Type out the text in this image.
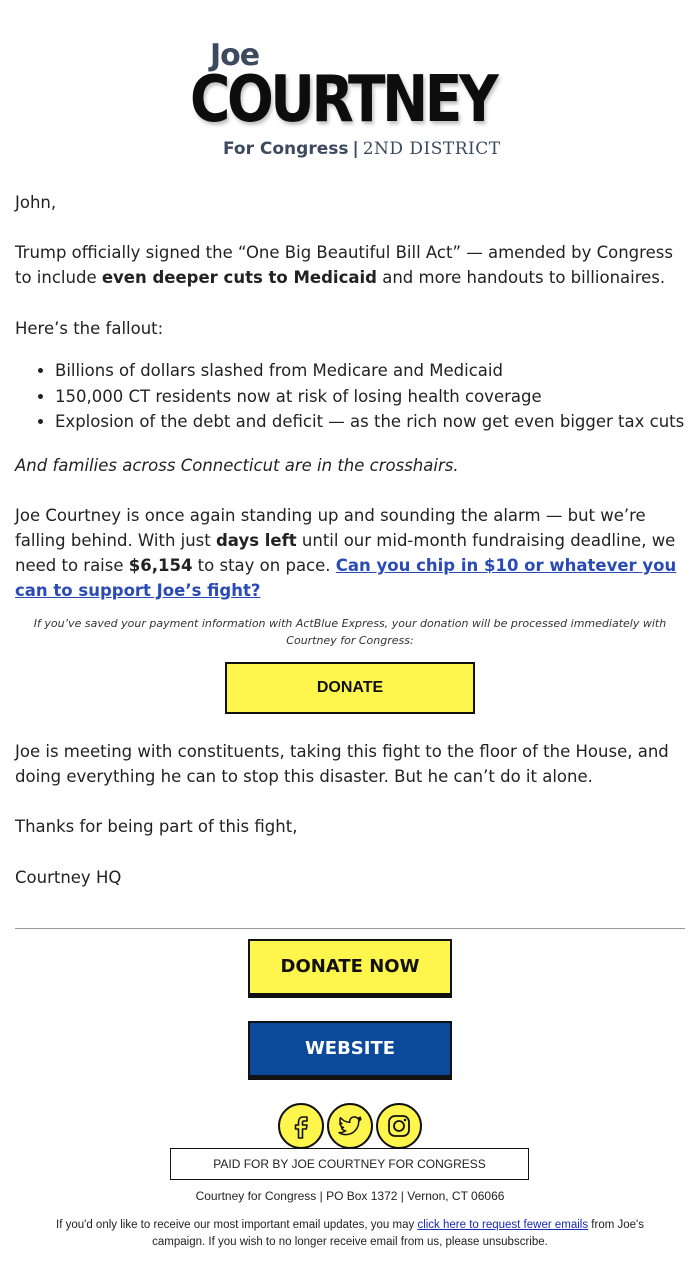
Joe
COURTNEY
For Congress | 2ND DISTRICT
John,
Trump officially signed the “One Big Beautiful Bill Act” — amended by Congress to include even deeper cuts to Medicaid and more handouts to billionaires.
Here’s the fallout:
• Billions of dollars slashed from Medicare and Medicaid
• 150,000 CT residents now at risk of losing health coverage
• Explosion of the debt and deficit — as the rich now get even bigger tax cuts
And families across Connecticut are in the crosshairs.
Joe Courtney is once again standing up and sounding the alarm — but we’re falling behind. With just days left until our mid-month fundraising deadline, we need to raise $6,154 to stay on pace. Can you chip in $10 or whatever you can to support Joe’s fight?
If you’ve saved your payment information with ActBlue Express, your donation will be processed immediately with Courtney for Congress:
DONATE
Joe is meeting with constituents, taking this fight to the floor of the House, and doing everything he can to stop this disaster. But he can’t do it alone.
Thanks for being part of this fight,
Courtney HQ
DONATE NOW
WEBSITE
PAID FOR BY JOE COURTNEY FOR CONGRESS
Courtney for Congress | PO Box 1372 | Vernon, CT 06066
If you'd only like to receive our most important email updates, you may click here to request fewer emails from Joe's campaign. If you wish to no longer receive email from us, please unsubscribe.
